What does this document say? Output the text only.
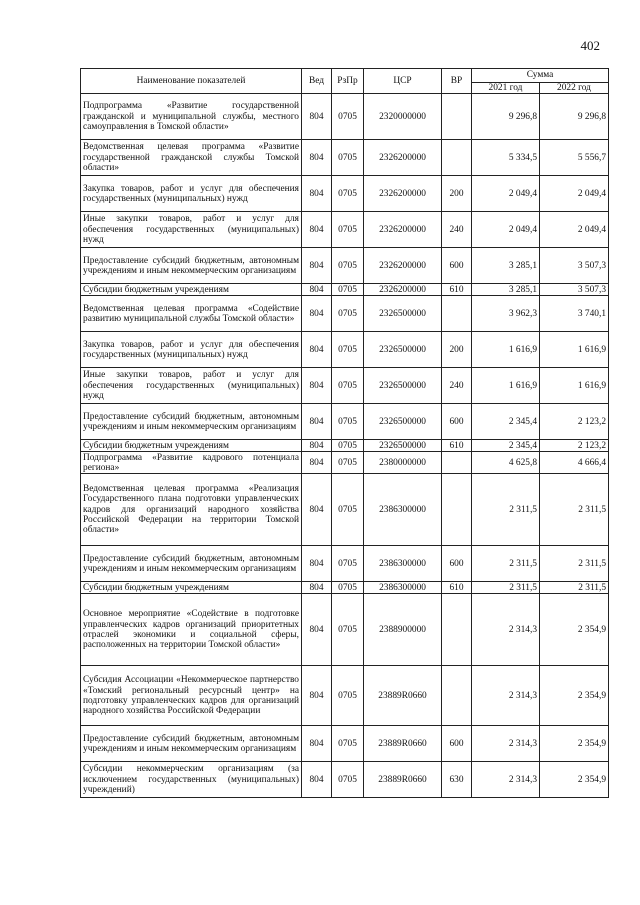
402
Наименование показателей	Вед	РзПр	ЦСР	ВР	Сумма	
					2021 год	2022 год
Подпрограмма «Развитие государственной гражданской и муниципальной службы, местного самоуправления в Томской области»	804	0705	2320000000		9 296,8	9 296,8
Ведомственная целевая программа «Развитие государственной гражданской службы Томской области»	804	0705	2326200000		5 334,5	5 556,7
Закупка товаров, работ и услуг для обеспечения государственных (муниципальных) нужд	804	0705	2326200000	200	2 049,4	2 049,4
Иные закупки товаров, работ и услуг для обеспечения государственных (муниципальных) нужд	804	0705	2326200000	240	2 049,4	2 049,4
Предоставление субсидий бюджетным, автономным учреждениям и иным некоммерческим организациям	804	0705	2326200000	600	3 285,1	3 507,3
Субсидии бюджетным учреждениям	804	0705	2326200000	610	3 285,1	3 507,3
Ведомственная целевая программа «Содействие развитию муниципальной службы Томской области»	804	0705	2326500000		3 962,3	3 740,1
Закупка товаров, работ и услуг для обеспечения государственных (муниципальных) нужд	804	0705	2326500000	200	1 616,9	1 616,9
Иные закупки товаров, работ и услуг для обеспечения государственных (муниципальных) нужд	804	0705	2326500000	240	1 616,9	1 616,9
Предоставление субсидий бюджетным, автономным учреждениям и иным некоммерческим организациям	804	0705	2326500000	600	2 345,4	2 123,2
Субсидии бюджетным учреждениям	804	0705	2326500000	610	2 345,4	2 123,2
Подпрограмма «Развитие кадрового потенциала региона»	804	0705	2380000000		4 625,8	4 666,4
Ведомственная целевая программа «Реализация Государственного плана подготовки управленческих кадров для организаций народного хозяйства Российской Федерации на территории Томской области»	804	0705	2386300000		2 311,5	2 311,5
Предоставление субсидий бюджетным, автономным учреждениям и иным некоммерческим организациям	804	0705	2386300000	600	2 311,5	2 311,5
Субсидии бюджетным учреждениям	804	0705	2386300000	610	2 311,5	2 311,5
Основное мероприятие «Содействие в подготовке управленческих кадров организаций приоритетных отраслей экономики и социальной сферы, расположенных на территории Томской области»	804	0705	2388900000		2 314,3	2 354,9
Субсидия Ассоциации «Некоммерческое партнерство «Томский региональный ресурсный центр» на подготовку управленческих кадров для организаций народного хозяйства Российской Федерации	804	0705	23889R0660		2 314,3	2 354,9
Предоставление субсидий бюджетным, автономным учреждениям и иным некоммерческим организациям	804	0705	23889R0660	600	2 314,3	2 354,9
Субсидии некоммерческим организациям (за исключением государственных (муниципальных) учреждений)	804	0705	23889R0660	630	2 314,3	2 354,9
